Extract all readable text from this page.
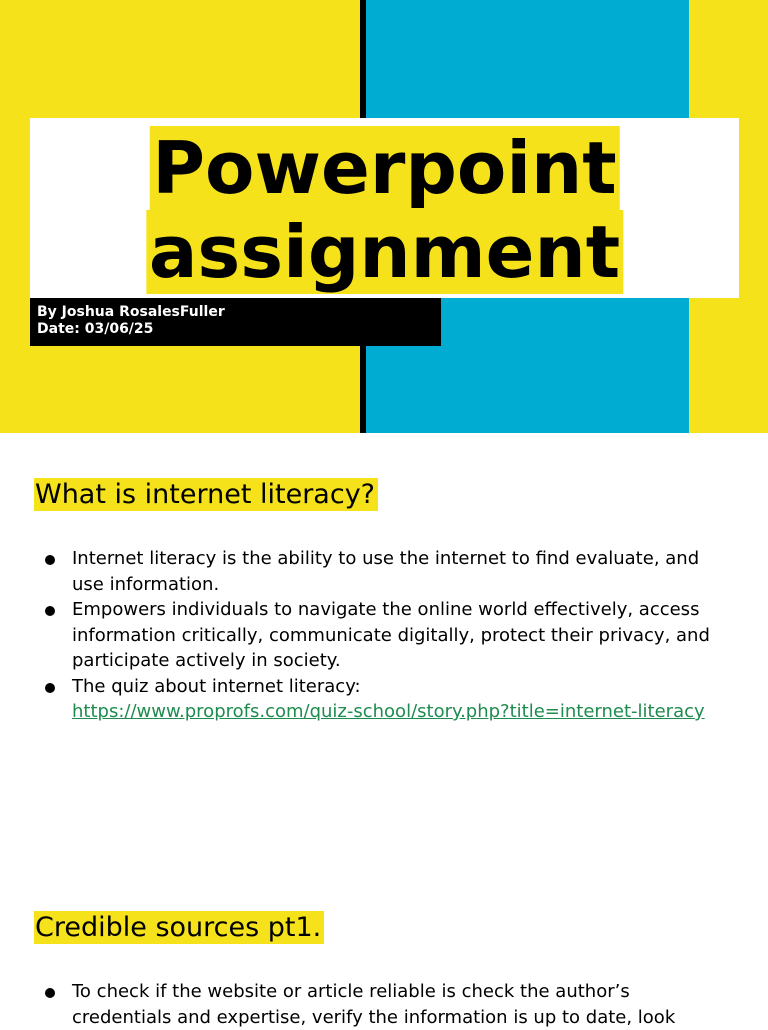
Powerpoint
assignment
By Joshua RosalesFuller
Date: 03/06/25
What is internet literacy?
Internet literacy is the ability to use the internet to find evaluate, and use information.
Empowers individuals to navigate the online world effectively, access information critically, communicate digitally, protect their privacy, and participate actively in society.
The quiz about internet literacy:
https://www.proprofs.com/quiz-school/story.php?title=internet-literacy
Credible sources pt1.
To check if the website or article reliable is check the author’s credentials and expertise, verify the information is up to date, look
